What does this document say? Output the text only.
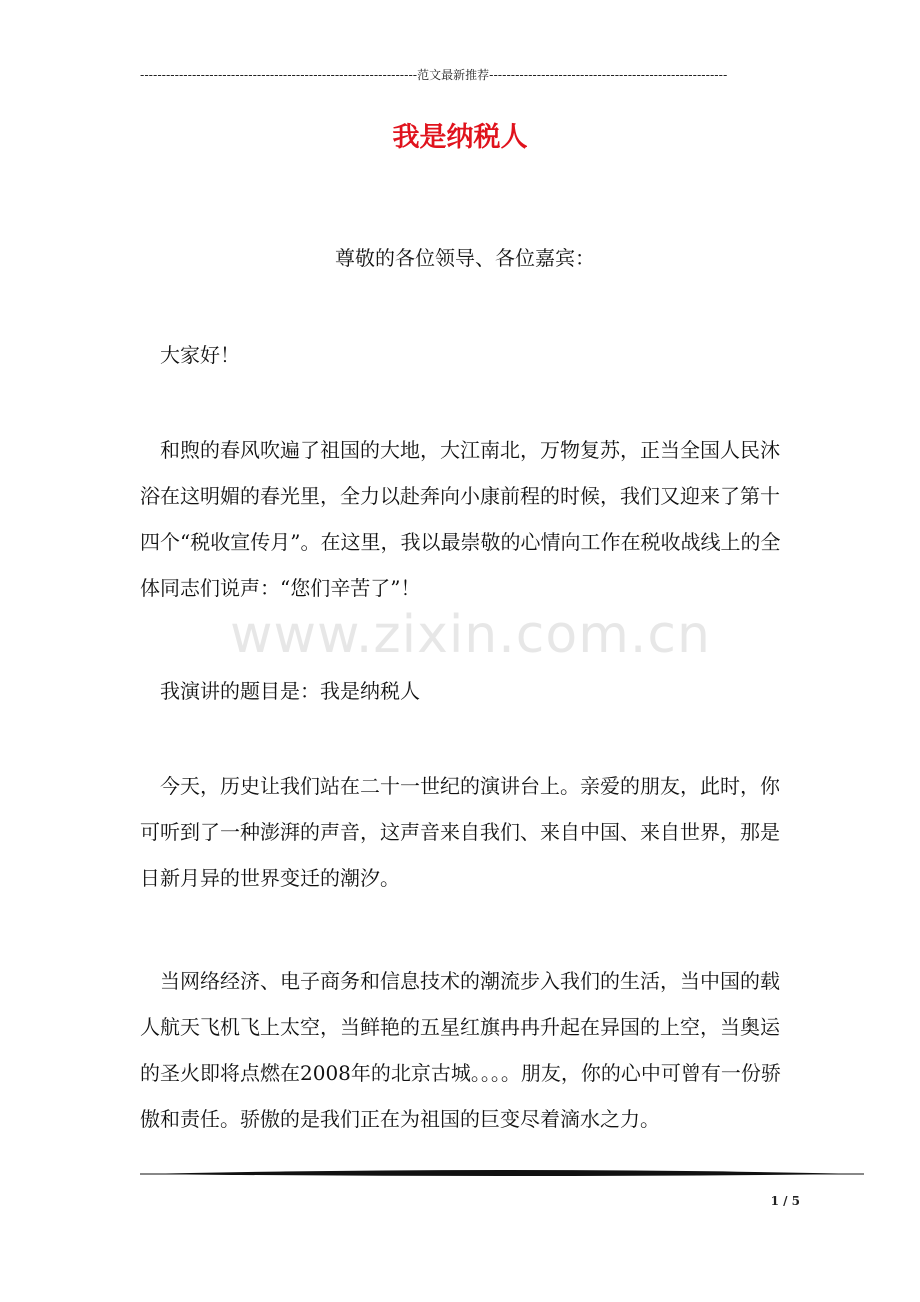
----------------------------------------------------------------范文最新推荐-------------------------------------------------------
我是纳税人

尊敬的各位领导、各位嘉宾：

大家好！

和煦的春风吹遍了祖国的大地，大江南北，万物复苏，正当全国人民沐浴在这明媚的春光里，全力以赴奔向小康前程的时候，我们又迎来了第十四个“税收宣传月”。在这里，我以最崇敬的心情向工作在税收战线上的全体同志们说声：“您们辛苦了”！

我演讲的题目是：我是纳税人

今天，历史让我们站在二十一世纪的演讲台上。亲爱的朋友，此时，你可听到了一种澎湃的声音，这声音来自我们、来自中国、来自世界，那是日新月异的世界变迁的潮汐。

当网络经济、电子商务和信息技术的潮流步入我们的生活，当中国的载人航天飞机飞上太空，当鲜艳的五星红旗冉冉升起在异国的上空，当奥运的圣火即将点燃在2008年的北京古城。。。。朋友，你的心中可曾有一份骄傲和责任。骄傲的是我们正在为祖国的巨变尽着滴水之力。

www.zixin.com.cn
1 / 5
